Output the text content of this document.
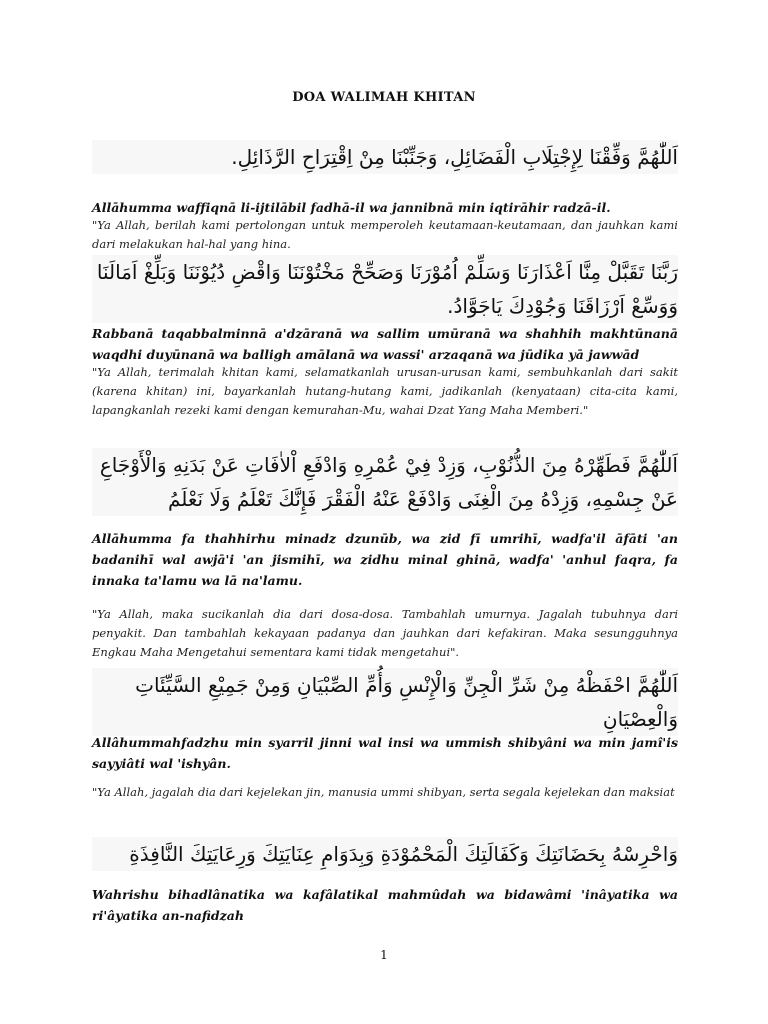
DOA WALIMAH KHITAN
اَللّٰهُمَّ وَفِّقْنَا لِإِجْتِلَابِ الْفَضَائِلِ، وَجَنِّبْنَا مِنْ اِقْتِرَاحِ الرَّذَائِلِ.
Allāhumma waffiqnā li-ijtilābil fadhā-il wa jannibnā min iqtirāhir radzā-il.
"Ya Allah, berilah kami pertolongan untuk memperoleh keutamaan-keutamaan, dan jauhkan kami dari melakukan hal-hal yang hina.
رَبَّنَا تَقَبَّلْ مِنَّا اَعْذَارَنَا وَسَلِّمْ اُمُوْرَنَا وَصَحِّحْ مَخْتُوْنَنَا وَاقْضِ دُيُوْنَنَا وَبَلِّغْ اَمَالَنَا وَوَسِّعْ اَرْزَاقَنَا وَجُوْدِكَ يَاجَوَّادُ.
Rabbanā taqabbalminnā a'dzāranā wa sallim umūranā wa shahhih makhtūnanā waqdhi duyūnanā wa balligh amālanā wa wassi' arzaqanā wa jūdika yā jawwād
"Ya Allah, terimalah khitan kami, selamatkanlah urusan-urusan kami, sembuhkanlah dari sakit (karena khitan) ini, bayarkanlah hutang-hutang kami, jadikanlah (kenyataan) cita-cita kami, lapangkanlah rezeki kami dengan kemurahan-Mu, wahai Dzat Yang Maha Memberi."
اَللّٰهُمَّ فَطَهِّرْهُ مِنَ الذُّنُوْبِ، وَزِدْ فِيْ عُمْرِهِ وَادْفَعِ اْلاٰفَاتِ عَنْ بَدَنِهِ وَالْأَوْجَاعِ عَنْ جِسْمِهِ، وَزِدْهُ مِنَ الْغِنَى وَادْفَعْ عَنْهُ الْفَقْرَ فَإِنَّكَ تَعْلَمُ وَلَا نَعْلَمُ
Allāhumma fa thahhirhu minadz dzunūb, wa zid fī umrihī, wadfa'il āfāti 'an badanihī wal awjā'i 'an jismihī, wa zidhu minal ghinā, wadfa' 'anhul faqra, fa innaka ta'lamu wa lā na'lamu.
"Ya Allah, maka sucikanlah dia dari dosa-dosa. Tambahlah umurnya. Jagalah tubuhnya dari penyakit. Dan tambahlah kekayaan padanya dan jauhkan dari kefakiran. Maka sesungguhnya Engkau Maha Mengetahui sementara kami tidak mengetahui".
اَللّٰهُمَّ احْفَظْهُ مِنْ شَرِّ الْجِنِّ وَالْإِنْسِ وَأُمِّ الصِّبْيَانِ وَمِنْ جَمِيْعِ السَّيِّئَاتِ وَالْعِصْيَانِ
Allâhummahfadzhu min syarril jinni wal insi wa ummish shibyâni wa min jamî'is sayyiâti wal 'ishyân.
"Ya Allah, jagalah dia dari kejelekan jin, manusia ummi shibyan, serta segala kejelekan dan maksiat
وَاحْرِسْهُ بِحَضَانَتِكَ وَكَفَالَتِكَ الْمَحْمُوْدَةِ وَبِدَوَامِ عِنَايَتِكَ وَرِعَايَتِكَ النَّافِذَةِ
Wahrishu bihadlânatika wa kafâlatikal mahmûdah wa bidawâmi 'inâyatika wa ri'âyatika an-nafidzah
1
